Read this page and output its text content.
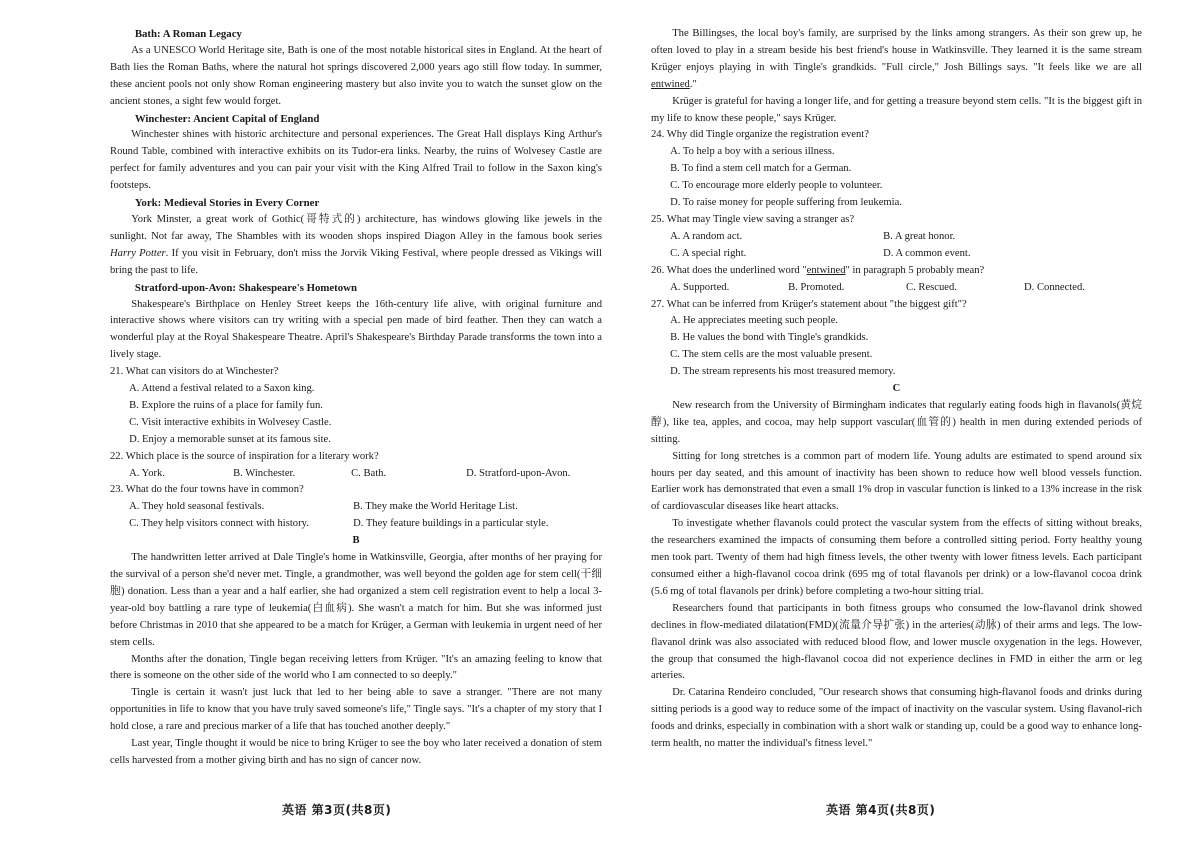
Bath: A Roman Legacy

As a UNESCO World Heritage site, Bath is one of the most notable historical sites in England. At the heart of Bath lies the Roman Baths, where the natural hot springs discovered 2,000 years ago still flow today. In summer, these ancient pools not only show Roman engineering mastery but also invite you to watch the sunset glow on the ancient stones, a sight few would forget.

Winchester: Ancient Capital of England

Winchester shines with historic architecture and personal experiences. The Great Hall displays King Arthur's Round Table, combined with interactive exhibits on its Tudor-era links. Nearby, the ruins of Wolvesey Castle are perfect for family adventures and you can pair your visit with the King Alfred Trail to follow in the Saxon king's footsteps.

York: Medieval Stories in Every Corner

York Minster, a great work of Gothic(哥特式的) architecture, has windows glowing like jewels in the sunlight. Not far away, The Shambles with its wooden shops inspired Diagon Alley in the famous book series Harry Potter. If you visit in February, don't miss the Jorvik Viking Festival, where people dressed as Vikings will bring the past to life.

Stratford-upon-Avon: Shakespeare's Hometown

Shakespeare's Birthplace on Henley Street keeps the 16th-century life alive, with original furniture and interactive shows where visitors can try writing with a special pen made of bird feather. Then they can watch a wonderful play at the Royal Shakespeare Theatre. April's Shakespeare's Birthday Parade transforms the town into a lively stage.

21. What can visitors do at Winchester?
A. Attend a festival related to a Saxon king.
B. Explore the ruins of a place for family fun.
C. Visit interactive exhibits in Wolvesey Castle.
D. Enjoy a memorable sunset at its famous site.
22. Which place is the source of inspiration for a literary work?
A. York.	B. Winchester.	C. Bath.	D. Stratford-upon-Avon.
23. What do the four towns have in common?
A. They hold seasonal festivals.	B. They make the World Heritage List.
C. They help visitors connect with history.	D. They feature buildings in a particular style.
B

The handwritten letter arrived at Dale Tingle's home in Watkinsville, Georgia, after months of her praying for the survival of a person she'd never met. Tingle, a grandmother, was well beyond the golden age for stem cell(干细胞) donation. Less than a year and a half earlier, she had organized a stem cell registration event to help a local 3-year-old boy battling a rare type of leukemia(白血病). She wasn't a match for him. But she was informed just before Christmas in 2010 that she appeared to be a match for Krüger, a German with leukemia in urgent need of her stem cells.

Months after the donation, Tingle began receiving letters from Krüger. "It's an amazing feeling to know that there is someone on the other side of the world who I am connected to so deeply."

Tingle is certain it wasn't just luck that led to her being able to save a stranger. "There are not many opportunities in life to know that you have truly saved someone's life," Tingle says. "It's a chapter of my story that I hold close, a rare and precious marker of a life that has touched another deeply."

Last year, Tingle thought it would be nice to bring Krüger to see the boy who later received a donation of stem cells harvested from a mother giving birth and has no sign of cancer now.

The Billingses, the local boy's family, are surprised by the links among strangers. As their son grew up, he often loved to play in a stream beside his best friend's house in Watkinsville. They learned it is the same stream Krüger enjoys playing in with Tingle's grandkids. "Full circle," Josh Billings says. "It feels like we are all entwined."

Krüger is grateful for having a longer life, and for getting a treasure beyond stem cells. "It is the biggest gift in my life to know these people," says Krüger.

24. Why did Tingle organize the registration event?
A. To help a boy with a serious illness.
B. To find a stem cell match for a German.
C. To encourage more elderly people to volunteer.
D. To raise money for people suffering from leukemia.
25. What may Tingle view saving a stranger as?
A. A random act.	B. A great honor.
C. A special right.	D. A common event.
26. What does the underlined word "entwined" in paragraph 5 probably mean?
A. Supported.	B. Promoted.	C. Rescued.	D. Connected.
27. What can be inferred from Krüger's statement about "the biggest gift"?
A. He appreciates meeting such people.
B. He values the bond with Tingle's grandkids.
C. The stem cells are the most valuable present.
D. The stream represents his most treasured memory.
C

New research from the University of Birmingham indicates that regularly eating foods high in flavanols(黄烷醇), like tea, apples, and cocoa, may help support vascular(血管的) health in men during extended periods of sitting.

Sitting for long stretches is a common part of modern life. Young adults are estimated to spend around six hours per day seated, and this amount of inactivity has been shown to reduce how well blood vessels function. Earlier work has demonstrated that even a small 1% drop in vascular function is linked to a 13% increase in the risk of cardiovascular diseases like heart attacks.

To investigate whether flavanols could protect the vascular system from the effects of sitting without breaks, the researchers examined the impacts of consuming them before a controlled sitting period. Forty healthy young men took part. Twenty of them had high fitness levels, the other twenty with lower fitness levels. Each participant consumed either a high-flavanol cocoa drink (695 mg of total flavanols per drink) or a low-flavanol cocoa drink (5.6 mg of total flavanols per drink) before completing a two-hour sitting trial.

Researchers found that participants in both fitness groups who consumed the low-flavanol drink showed declines in flow-mediated dilatation(FMD)(流量介导扩张) in the arteries(动脉) of their arms and legs. The low-flavanol drink was also associated with reduced blood flow, and lower muscle oxygenation in the legs. However, the group that consumed the high-flavanol cocoa did not experience declines in FMD in either the arm or leg arteries.

Dr. Catarina Rendeiro concluded, "Our research shows that consuming high-flavanol foods and drinks during sitting periods is a good way to reduce some of the impact of inactivity on the vascular system. Using flavanol-rich foods and drinks, especially in combination with a short walk or standing up, could be a good way to enhance long-term health, no matter the individual's fitness level."

英语 第3页(共8页)	英语 第4页(共8页)
